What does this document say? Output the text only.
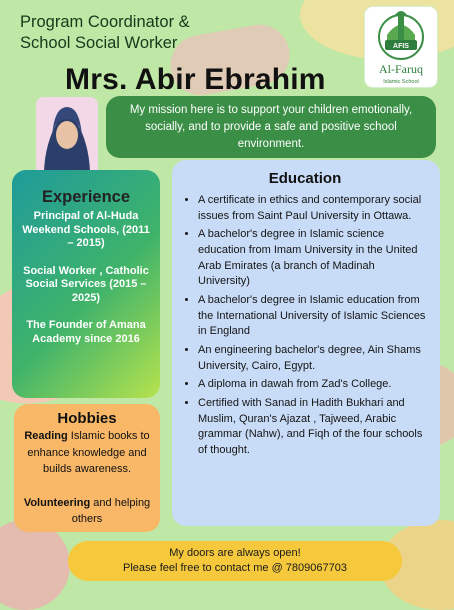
Program Coordinator &
School Social Worker
Mrs. Abir Ebrahim
AFIS
Al-Faruq
Islamic School
My mission here is to support your children emotionally, socially, and to provide a safe and positive school environment.
Experience
Principal of Al-Huda Weekend Schools, (2011 – 2015)
Social Worker , Catholic Social Services (2015 – 2025)
The Founder of Amana Academy since 2016
Hobbies
Reading Islamic books to enhance knowledge and builds awareness.
Volunteering and helping others
Education
• A certificate in ethics and contemporary social issues from Saint Paul University in Ottawa.
• A bachelor's degree in Islamic science education from Imam University in the United Arab Emirates (a branch of Madinah University)
• A bachelor's degree in Islamic education from the International University of Islamic Sciences in England
• An engineering bachelor's degree, Ain Shams University, Cairo, Egypt.
• A diploma in dawah from Zad's College.
• Certified with Sanad in Hadith Bukhari and Muslim, Quran's Ajazat , Tajweed, Arabic grammar (Nahw), and Fiqh of the four schools of thought.
My doors are always open!
Please feel free to contact me @ 7809067703
